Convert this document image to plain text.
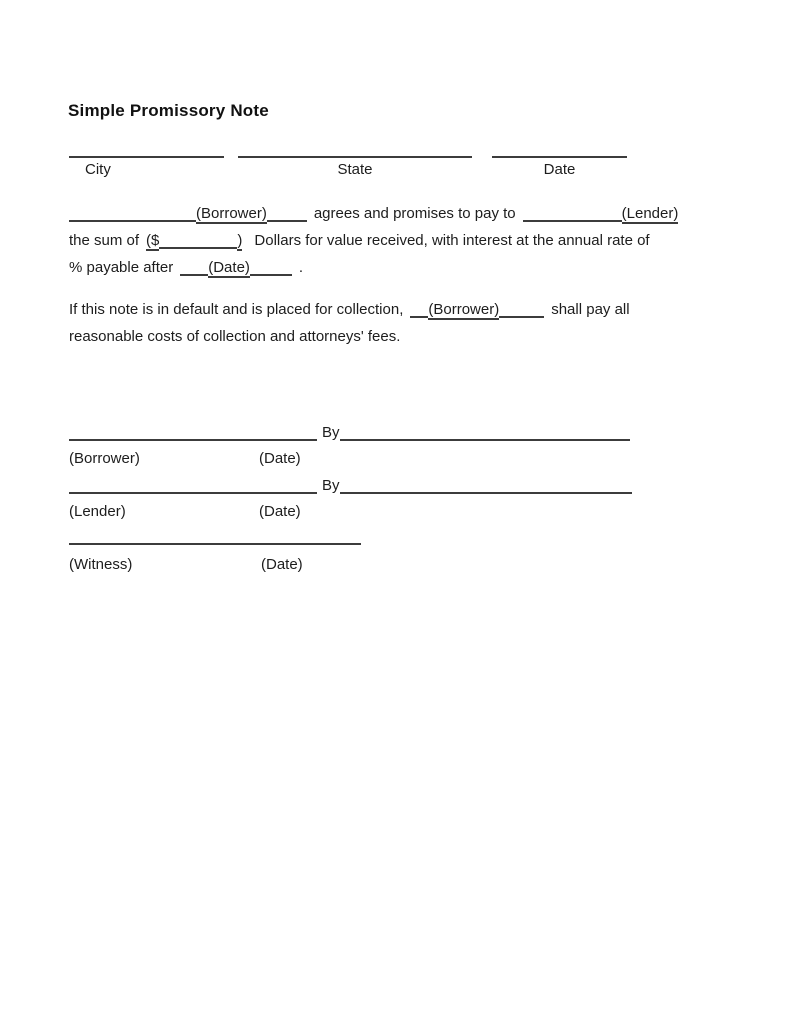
Simple Promissory Note
City	State	Date
(Borrower)	agrees and promises to pay to	(Lender)
the sum of ($	) Dollars for value received, with interest at the annual rate of
% payable after (Date)	.
If this note is in default and is placed for collection, (Borrower)	shall pay all
reasonable costs of collection and attorneys' fees.
By
(Borrower)	(Date)
By
(Lender)	(Date)
(Witness)	(Date)
